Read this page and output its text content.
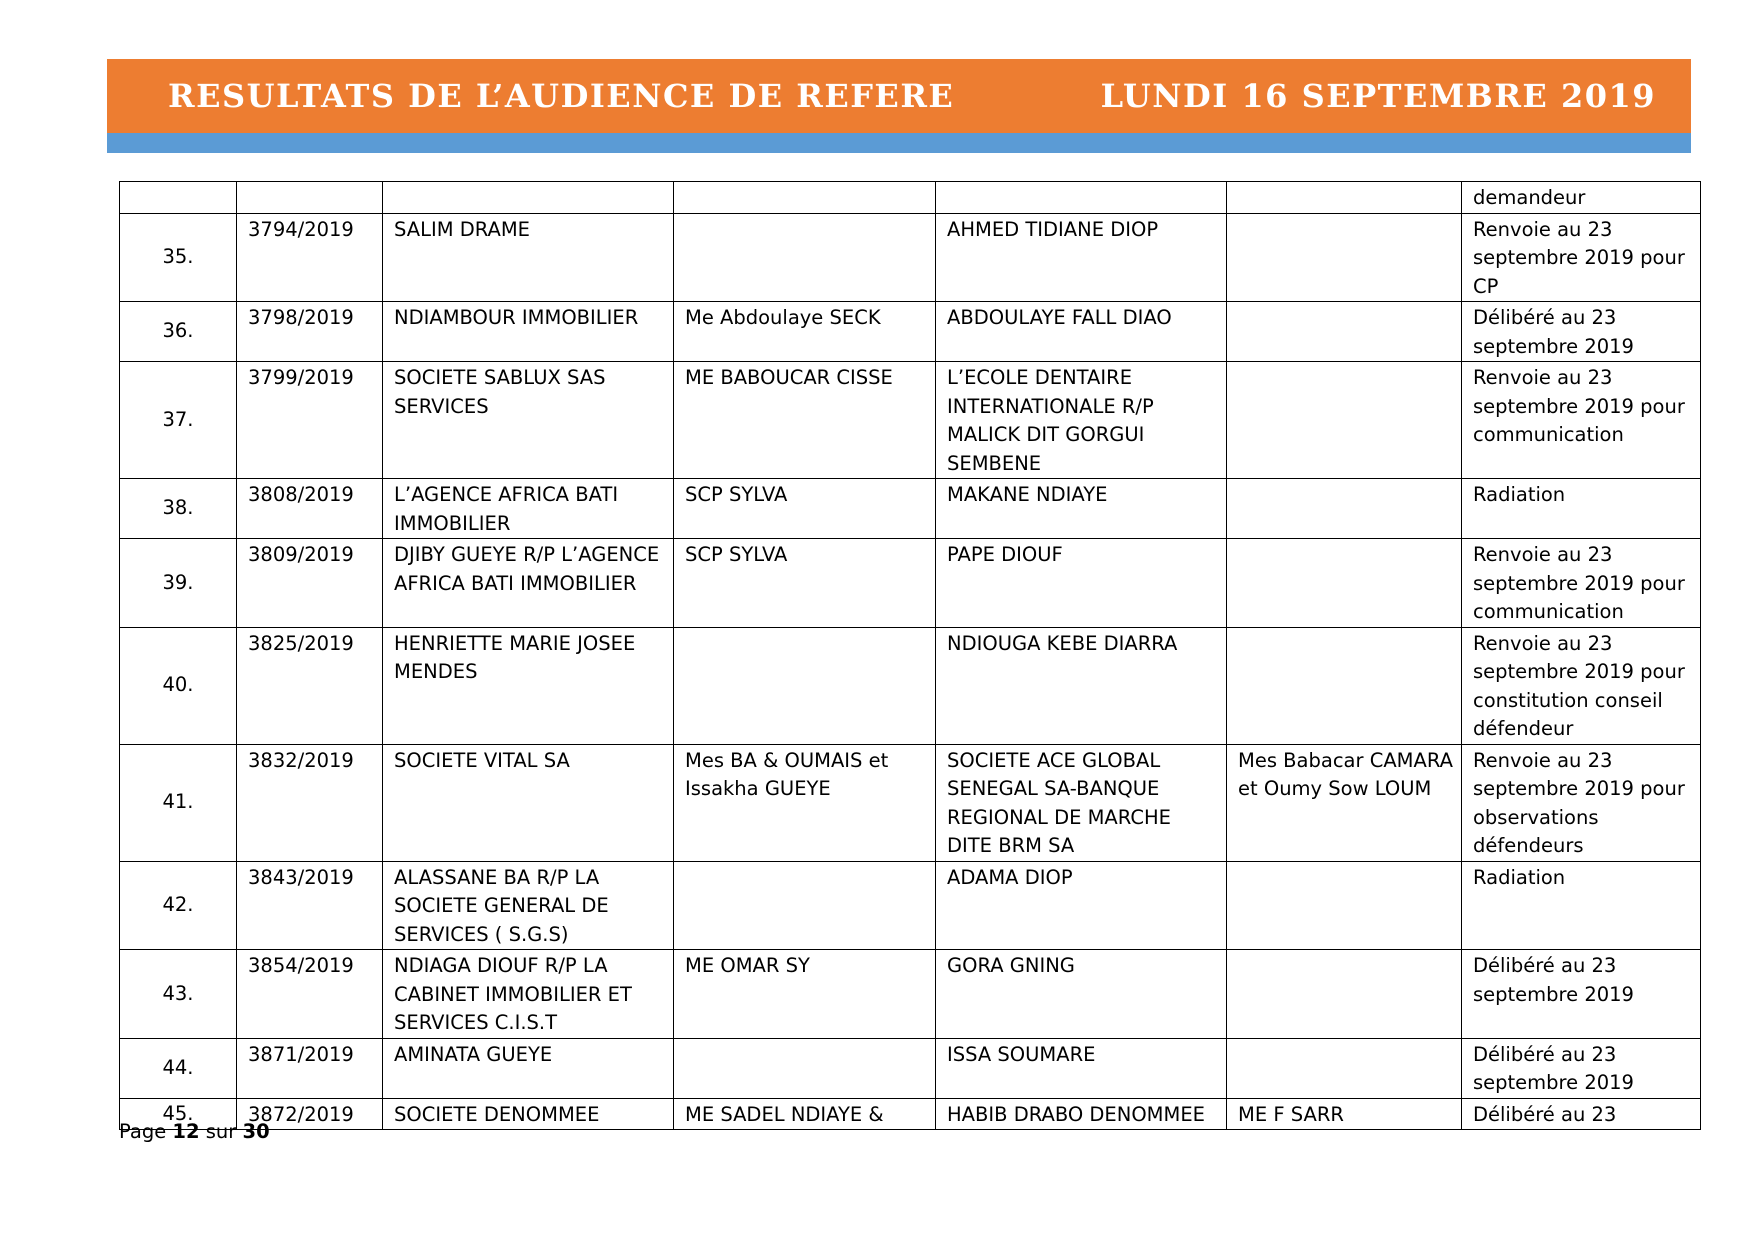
RESULTATS DE L’AUDIENCE DE REFERE	LUNDI 16 SEPTEMBRE 2019
						demandeur
35.	3794/2019	SALIM DRAME		AHMED TIDIANE DIOP		Renvoie au 23 septembre 2019 pour CP
36.	3798/2019	NDIAMBOUR IMMOBILIER	Me Abdoulaye SECK	ABDOULAYE FALL DIAO		Délibéré au 23 septembre 2019
37.	3799/2019	SOCIETE SABLUX SAS SERVICES	ME BABOUCAR CISSE	L’ECOLE DENTAIRE INTERNATIONALE R/P MALICK DIT GORGUI SEMBENE		Renvoie au 23 septembre 2019 pour communication
38.	3808/2019	L’AGENCE AFRICA BATI IMMOBILIER	SCP SYLVA	MAKANE NDIAYE		Radiation
39.	3809/2019	DJIBY GUEYE R/P L’AGENCE AFRICA BATI IMMOBILIER	SCP SYLVA	PAPE DIOUF		Renvoie au 23 septembre 2019 pour communication
40.	3825/2019	HENRIETTE MARIE JOSEE MENDES		NDIOUGA KEBE DIARRA		Renvoie au 23 septembre 2019 pour constitution conseil défendeur
41.	3832/2019	SOCIETE VITAL SA	Mes BA & OUMAIS et Issakha GUEYE	SOCIETE ACE GLOBAL SENEGAL SA-BANQUE REGIONAL DE MARCHE DITE BRM SA	Mes Babacar CAMARA et Oumy Sow LOUM	Renvoie au 23 septembre 2019 pour observations défendeurs
42.	3843/2019	ALASSANE BA R/P LA SOCIETE GENERAL DE SERVICES ( S.G.S)		ADAMA DIOP		Radiation
43.	3854/2019	NDIAGA DIOUF R/P LA CABINET IMMOBILIER ET SERVICES C.I.S.T	ME OMAR SY	GORA GNING		Délibéré au 23 septembre 2019
44.	3871/2019	AMINATA GUEYE		ISSA SOUMARE		Délibéré au 23 septembre 2019
45.	3872/2019	SOCIETE DENOMMEE	ME SADEL NDIAYE &	HABIB DRABO DENOMMEE	ME F SARR	Délibéré au 23
Page 12 sur 30
